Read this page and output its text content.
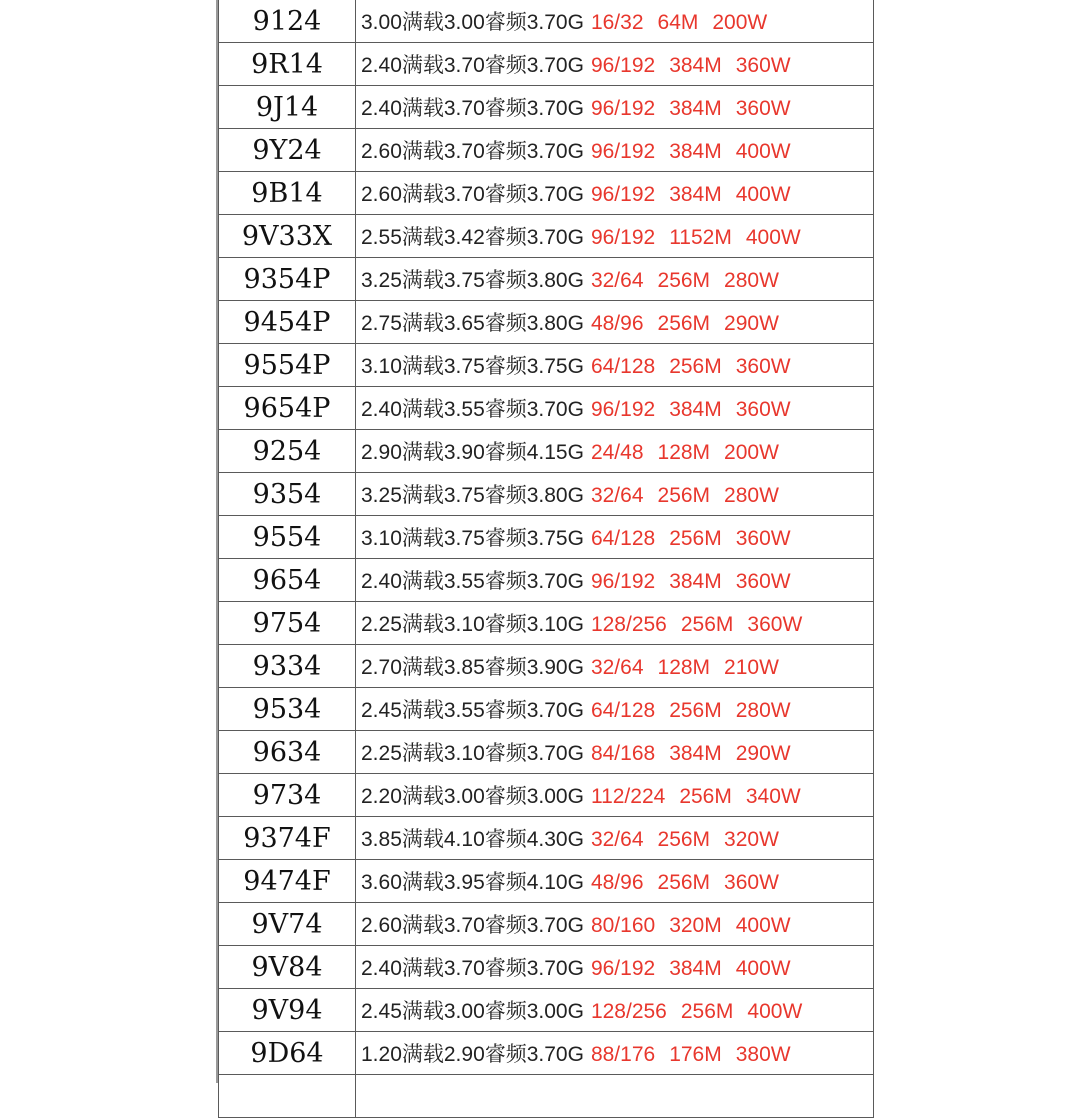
9124	3.00满载3.00睿频3.70G 16/32 64M 200W
9R14	2.40满载3.70睿频3.70G 96/192 384M 360W
9J14	2.40满载3.70睿频3.70G 96/192 384M 360W
9Y24	2.60满载3.70睿频3.70G 96/192 384M 400W
9B14	2.60满载3.70睿频3.70G 96/192 384M 400W
9V33X	2.55满载3.42睿频3.70G 96/192 1152M 400W
9354P	3.25满载3.75睿频3.80G 32/64 256M 280W
9454P	2.75满载3.65睿频3.80G 48/96 256M 290W
9554P	3.10满载3.75睿频3.75G 64/128 256M 360W
9654P	2.40满载3.55睿频3.70G 96/192 384M 360W
9254	2.90满载3.90睿频4.15G 24/48 128M 200W
9354	3.25满载3.75睿频3.80G 32/64 256M 280W
9554	3.10满载3.75睿频3.75G 64/128 256M 360W
9654	2.40满载3.55睿频3.70G 96/192 384M 360W
9754	2.25满载3.10睿频3.10G 128/256 256M 360W
9334	2.70满载3.85睿频3.90G 32/64 128M 210W
9534	2.45满载3.55睿频3.70G 64/128 256M 280W
9634	2.25满载3.10睿频3.70G 84/168 384M 290W
9734	2.20满载3.00睿频3.00G 112/224 256M 340W
9374F	3.85满载4.10睿频4.30G 32/64 256M 320W
9474F	3.60满载3.95睿频4.10G 48/96 256M 360W
9V74	2.60满载3.70睿频3.70G 80/160 320M 400W
9V84	2.40满载3.70睿频3.70G 96/192 384M 400W
9V94	2.45满载3.00睿频3.00G 128/256 256M 400W
9D64	1.20满载2.90睿频3.70G 88/176 176M 380W
